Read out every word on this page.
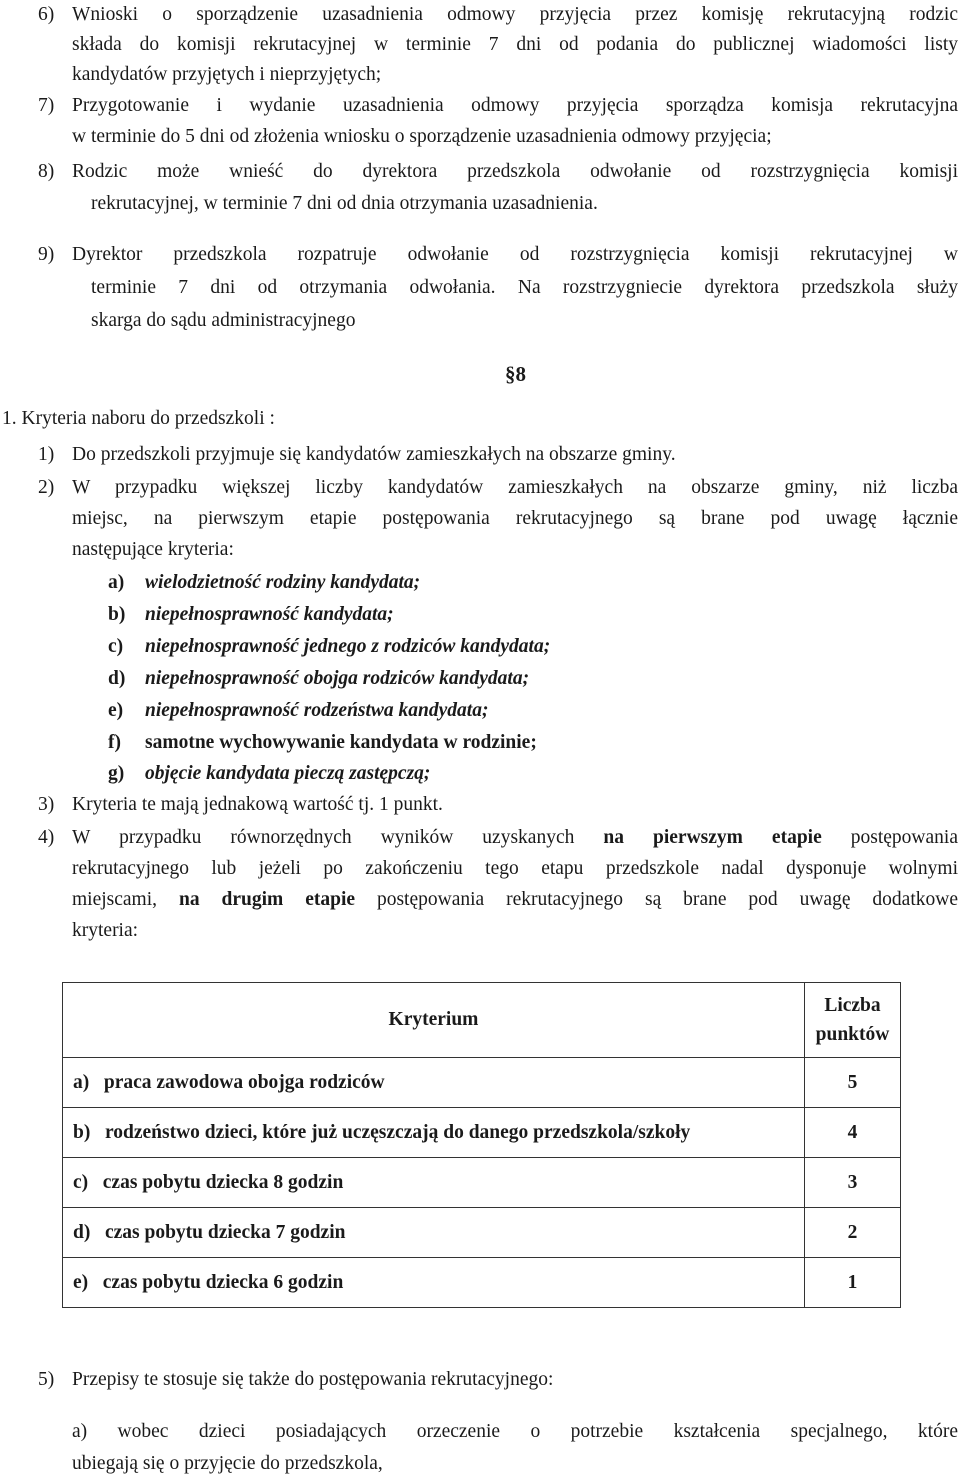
6) Wnioski o sporządzenie uzasadnienia odmowy przyjęcia przez komisję rekrutacyjną rodzic
składa do komisji rekrutacyjnej w terminie 7 dni od podania do publicznej wiadomości listy
kandydatów przyjętych i nieprzyjętych;
7) Przygotowanie i wydanie uzasadnienia odmowy przyjęcia sporządza komisja rekrutacyjna
w terminie do 5 dni od złożenia wniosku o sporządzenie uzasadnienia odmowy przyjęcia;
8) Rodzic może wnieść do dyrektora przedszkola odwołanie od rozstrzygnięcia komisji
rekrutacyjnej, w terminie 7 dni od dnia otrzymania uzasadnienia.
9) Dyrektor przedszkola rozpatruje odwołanie od rozstrzygnięcia komisji rekrutacyjnej w
terminie 7 dni od otrzymania odwołania. Na rozstrzygniecie dyrektora przedszkola służy
skarga do sądu administracyjnego
§8
1. Kryteria naboru do przedszkoli :
1) Do przedszkoli przyjmuje się kandydatów zamieszkałych na obszarze gminy.
2) W przypadku większej liczby kandydatów zamieszkałych na obszarze gminy, niż liczba
miejsc, na pierwszym etapie postępowania rekrutacyjnego są brane pod uwagę łącznie
następujące kryteria:
a) wielodzietność rodziny kandydata;
b) niepełnosprawność kandydata;
c) niepełnosprawność jednego z rodziców kandydata;
d) niepełnosprawność obojga rodziców kandydata;
e) niepełnosprawność rodzeństwa kandydata;
f) samotne wychowywanie kandydata w rodzinie;
g) objęcie kandydata pieczą zastępczą;
3) Kryteria te mają jednakową wartość tj. 1 punkt.
4) W przypadku równorzędnych wyników uzyskanych na pierwszym etapie postępowania
rekrutacyjnego lub jeżeli po zakończeniu tego etapu przedszkole nadal dysponuje wolnymi
miejscami, na drugim etapie postępowania rekrutacyjnego są brane pod uwagę dodatkowe
kryteria:
Kryterium	Liczba
punktów

a)   praca zawodowa obojga rodziców	5
b)   rodzeństwo dzieci, które już uczęszczają do danego przedszkola/szkoły	4
c)   czas pobytu dziecka 8 godzin	3
d)   czas pobytu dziecka 7 godzin	2
e)   czas pobytu dziecka 6 godzin	1
5) Przepisy te stosuje się także do postępowania rekrutacyjnego:
a) wobec dzieci posiadających orzeczenie o potrzebie kształcenia specjalnego, które
ubiegają się o przyjęcie do przedszkola,
